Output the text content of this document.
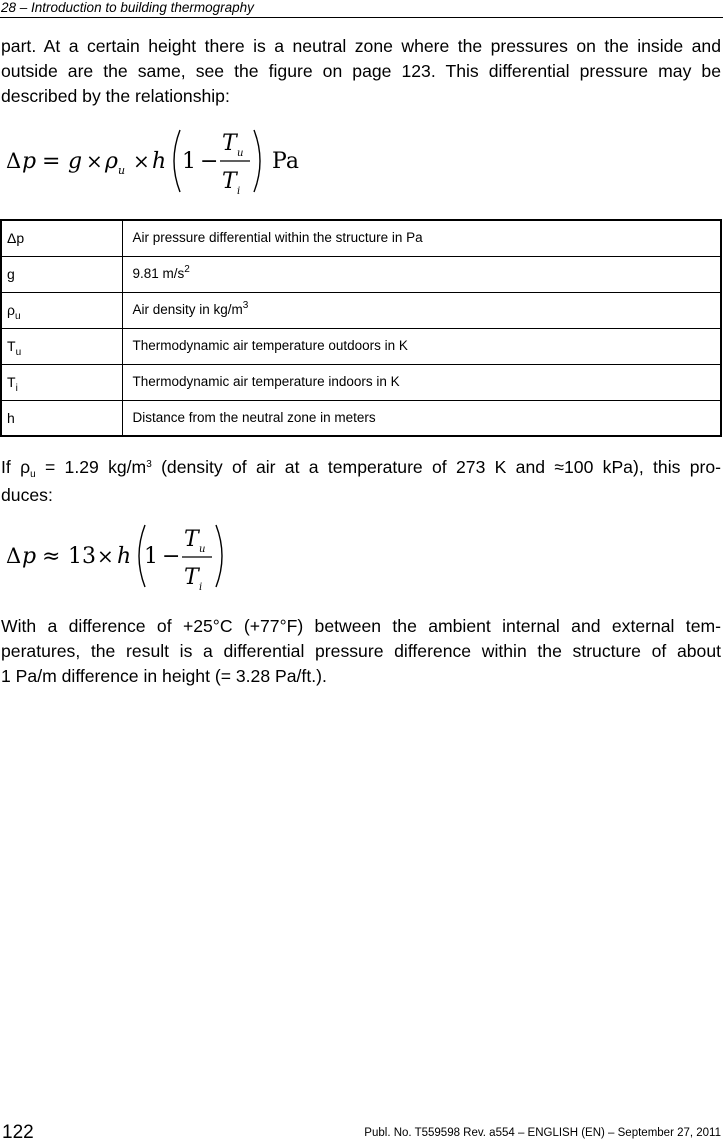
28 – Introduction to building thermography
part. At a certain height there is a neutral zone where the pressures on the inside and
outside are the same, see the figure on page 123. This differential pressure may be
described by the relationship:
Δ p = g × ρ u × h 1 −
T u
T i
Pa
Δp	Air pressure differential within the structure in Pa
g	9.81 $m/s^2$
$\rho_u$	Air density in $kg/m^3$
$T_u$	Thermodynamic air temperature outdoors in K
$T_i$	Thermodynamic air temperature indoors in K
h	Distance from the neutral zone in meters
If $\rho_u = 1.29$ $kg/m^3$ (density of air at a temperature of 273 K and ≈100 kPa), this pro-
duces:
Δ p ≈ 13 × h 1 −
T u
T i
With a difference of +25°C (+77°F) between the ambient internal and external tem-
peratures, the result is a differential pressure difference within the structure of about
1 Pa/m difference in height (= 3.28 Pa/ft.).
122	Publ. No. T559598 Rev. a554 – ENGLISH (EN) – September 27, 2011
